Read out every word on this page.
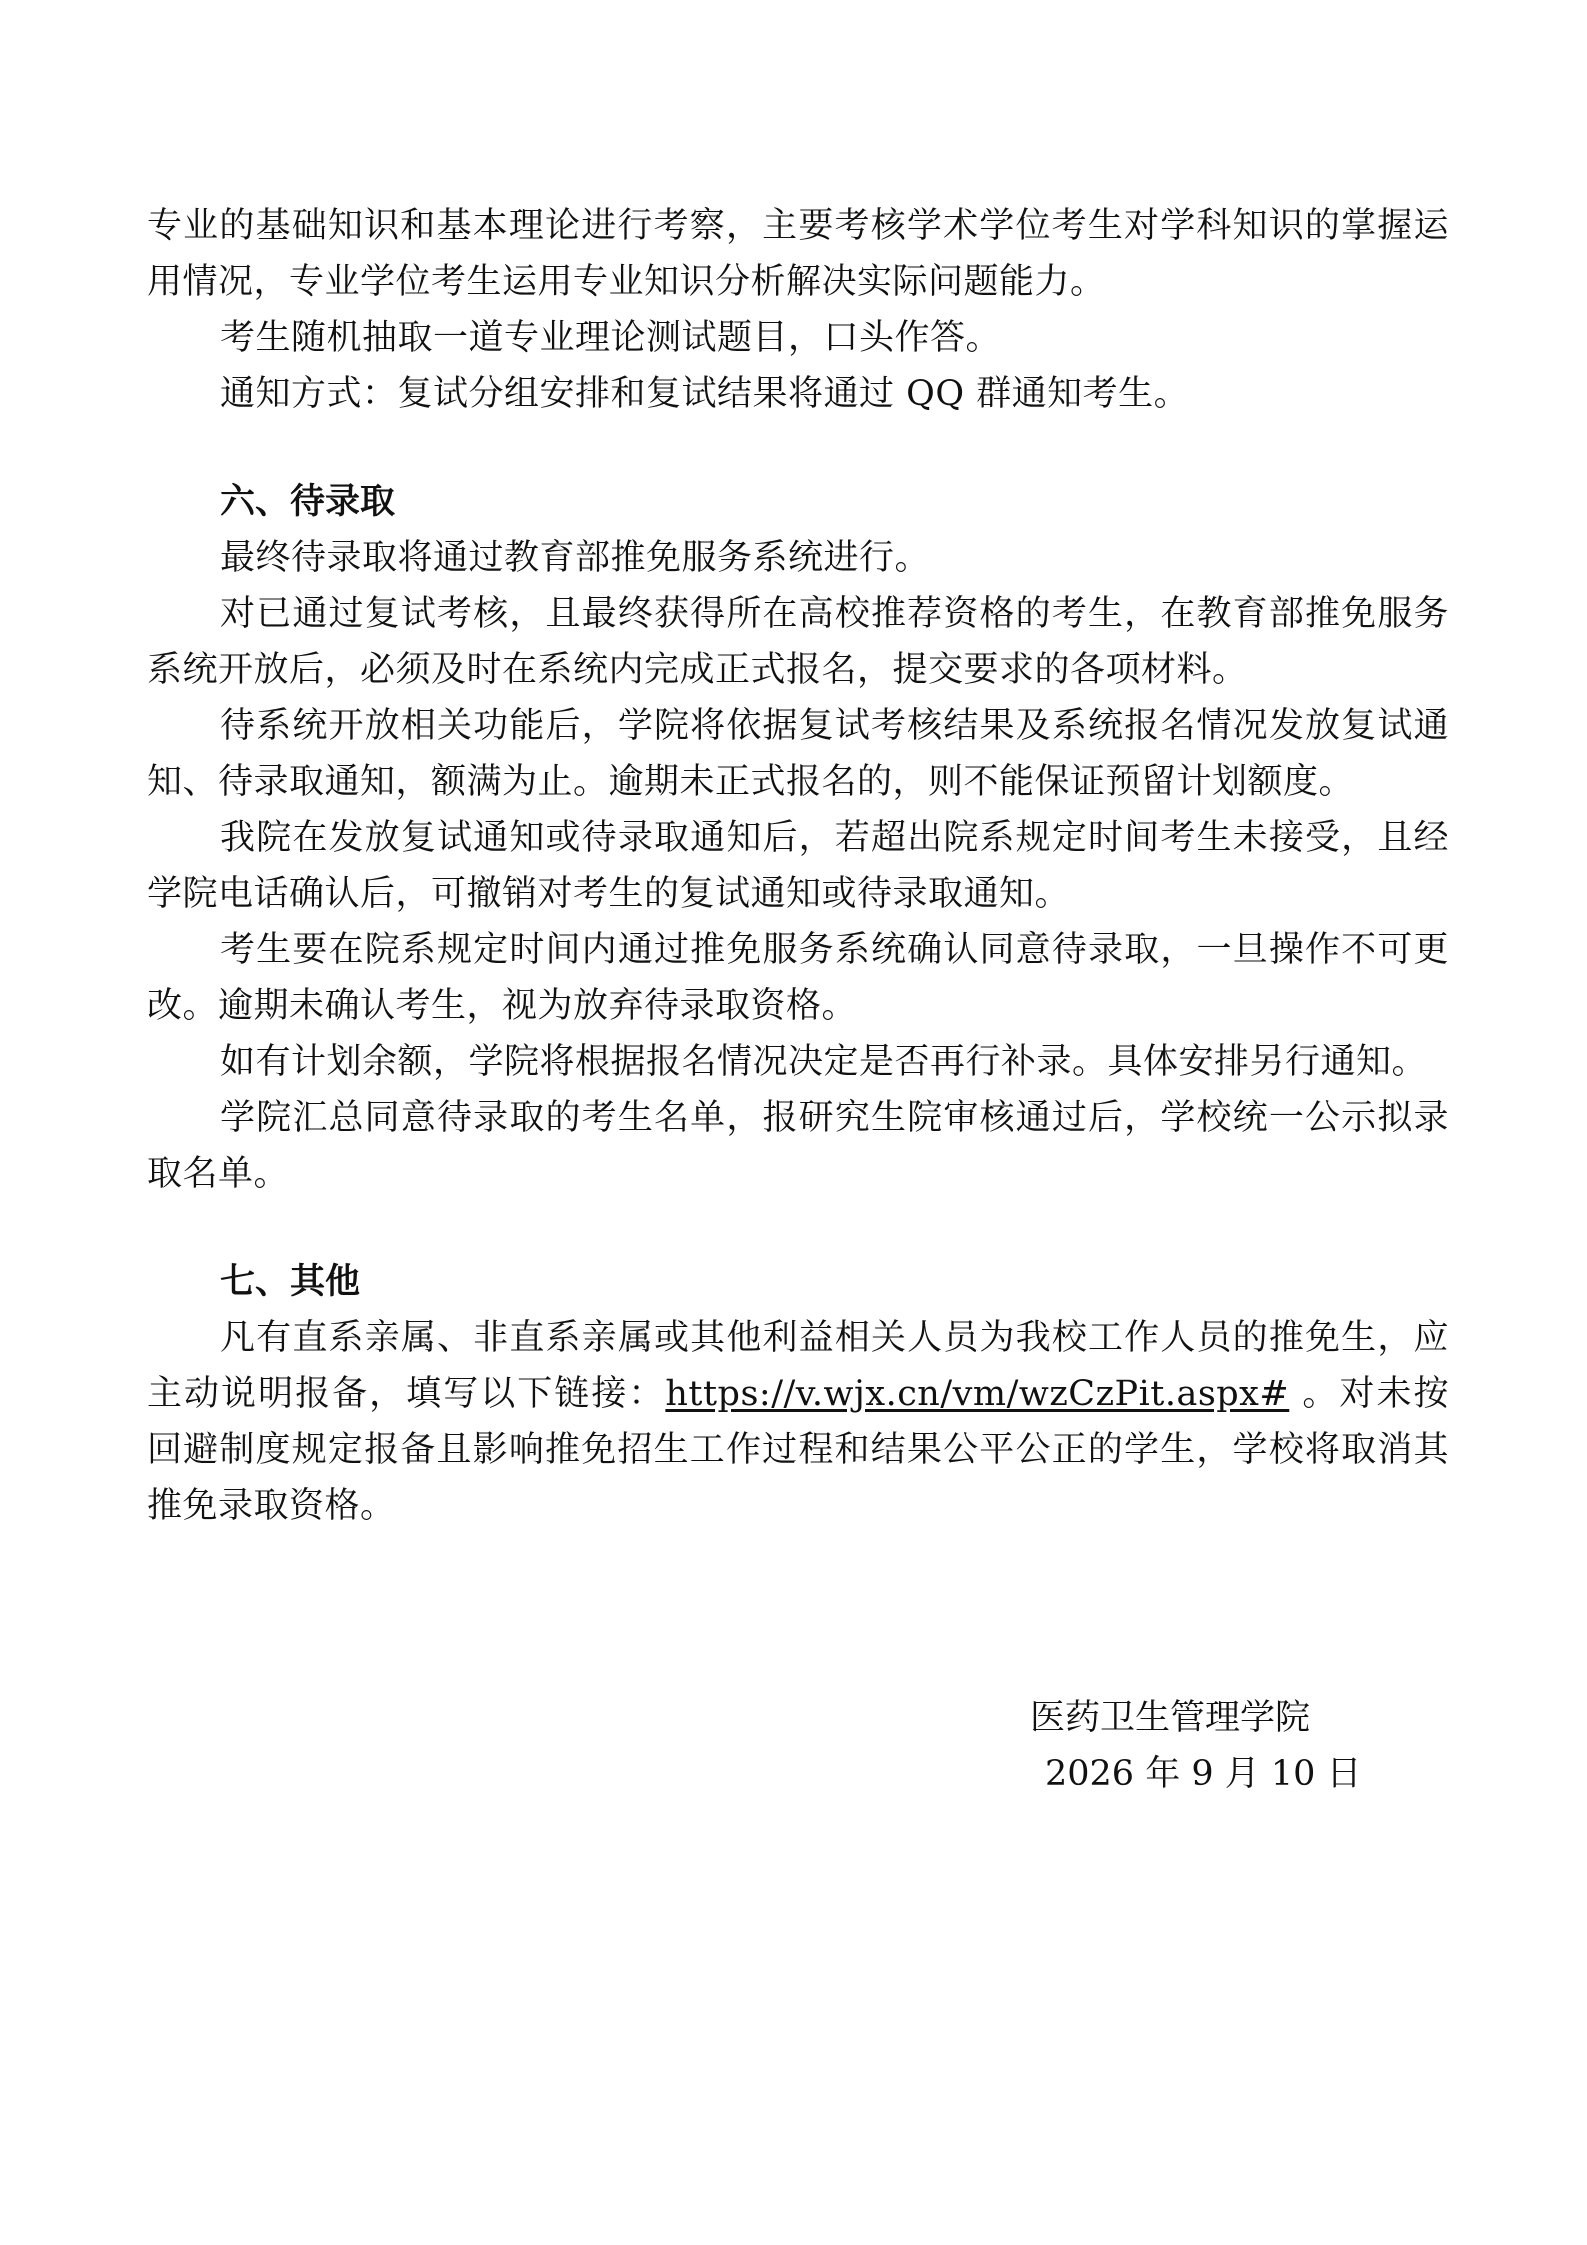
专业的基础知识和基本理论进行考察，主要考核学术学位考生对学科知识的掌握运用情况，专业学位考生运用专业知识分析解决实际问题能力。

考生随机抽取一道专业理论测试题目，口头作答。

通知方式：复试分组安排和复试结果将通过 QQ 群通知考生。

六、待录取

最终待录取将通过教育部推免服务系统进行。

对已通过复试考核，且最终获得所在高校推荐资格的考生，在教育部推免服务系统开放后，必须及时在系统内完成正式报名，提交要求的各项材料。

待系统开放相关功能后，学院将依据复试考核结果及系统报名情况发放复试通知、待录取通知，额满为止。逾期未正式报名的，则不能保证预留计划额度。

我院在发放复试通知或待录取通知后，若超出院系规定时间考生未接受，且经学院电话确认后，可撤销对考生的复试通知或待录取通知。

考生要在院系规定时间内通过推免服务系统确认同意待录取，一旦操作不可更改。逾期未确认考生，视为放弃待录取资格。

如有计划余额，学院将根据报名情况决定是否再行补录。具体安排另行通知。

学院汇总同意待录取的考生名单，报研究生院审核通过后，学校统一公示拟录取名单。

七、其他

凡有直系亲属、非直系亲属或其他利益相关人员为我校工作人员的推免生，应主动说明报备，填写以下链接：https://v.wjx.cn/vm/wzCzPit.aspx# 。对未按回避制度规定报备且影响推免招生工作过程和结果公平公正的学生，学校将取消其推免录取资格。

医药卫生管理学院

2026 年 9 月 10 日
